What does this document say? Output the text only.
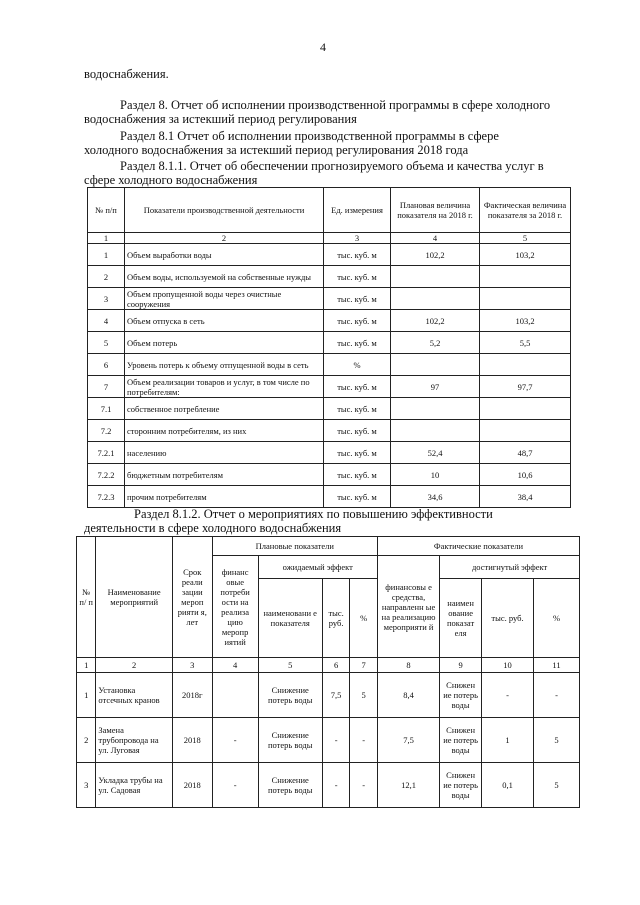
4
водоснабжения.
Раздел 8. Отчет об исполнении производственной программы в сфере холодного
водоснабжения за истекший период регулирования
Раздел 8.1 Отчет об исполнении производственной программы в сфере
холодного водоснабжения за истекший период регулирования 2018 года
Раздел 8.1.1. Отчет об обеспечении прогнозируемого объема и качества услуг в
сфере холодного водоснабжения
№ п/п	Показатели производственной деятельности	Ед. измерения	Плановая величина показателя на 2018 г.	Фактическая величина показателя за 2018 г.
1	2	3	4	5
1	Объем выработки воды	тыс. куб. м	102,2	103,2
2	Объем воды, используемой на собственные нужды	тыс. куб. м		
3	Объем пропущенной воды через очистные сооружения	тыс. куб. м		
4	Объем отпуска в сеть	тыс. куб. м	102,2	103,2
5	Объем потерь	тыс. куб. м	5,2	5,5
6	Уровень потерь к объему отпущенной воды в сеть	%		
7	Объем реализации товаров и услуг, в том числе по потребителям:	тыс. куб. м	97	97,7
7.1	собственное потребление	тыс. куб. м		
7.2	сторонним потребителям, из них	тыс. куб. м		
7.2.1	населению	тыс. куб. м	52,4	48,7
7.2.2	бюджетным потребителям	тыс. куб. м	10	10,6
7.2.3	прочим потребителям	тыс. куб. м	34,6	38,4
Раздел 8.1.2. Отчет о мероприятиях по повышению эффективности
деятельности в сфере холодного водоснабжения
№ п/ п	Наименование мероприятий	Срок реали зации мероп рияти я, лет	Плановые показатели				Фактические показатели			
			финанс овые потреби ости на реализа цию меропр иятий	ожидаемый эффект			финансовы е средства, направленн ые на реализацию мероприяти й	достигнутый эффект		
				наименовани е показателя	тыс. руб.	%		наимен ование показат еля	тыс. руб.	%
1	2	3	4	5	6	7	8	9	10	11
1	Установка отсечных кранов	2018г		Снижение потерь воды	7,5	5	8,4	Снижен ие потерь воды	-	-
2	Замена трубопровода на ул. Луговая	2018	-	Снижение потерь воды	-	-	7,5	Снижен ие потерь воды	1	5
3	Укладка трубы на ул. Садовая	2018	-	Снижение потерь воды	-	-	12,1	Снижен ие потерь воды	0,1	5
